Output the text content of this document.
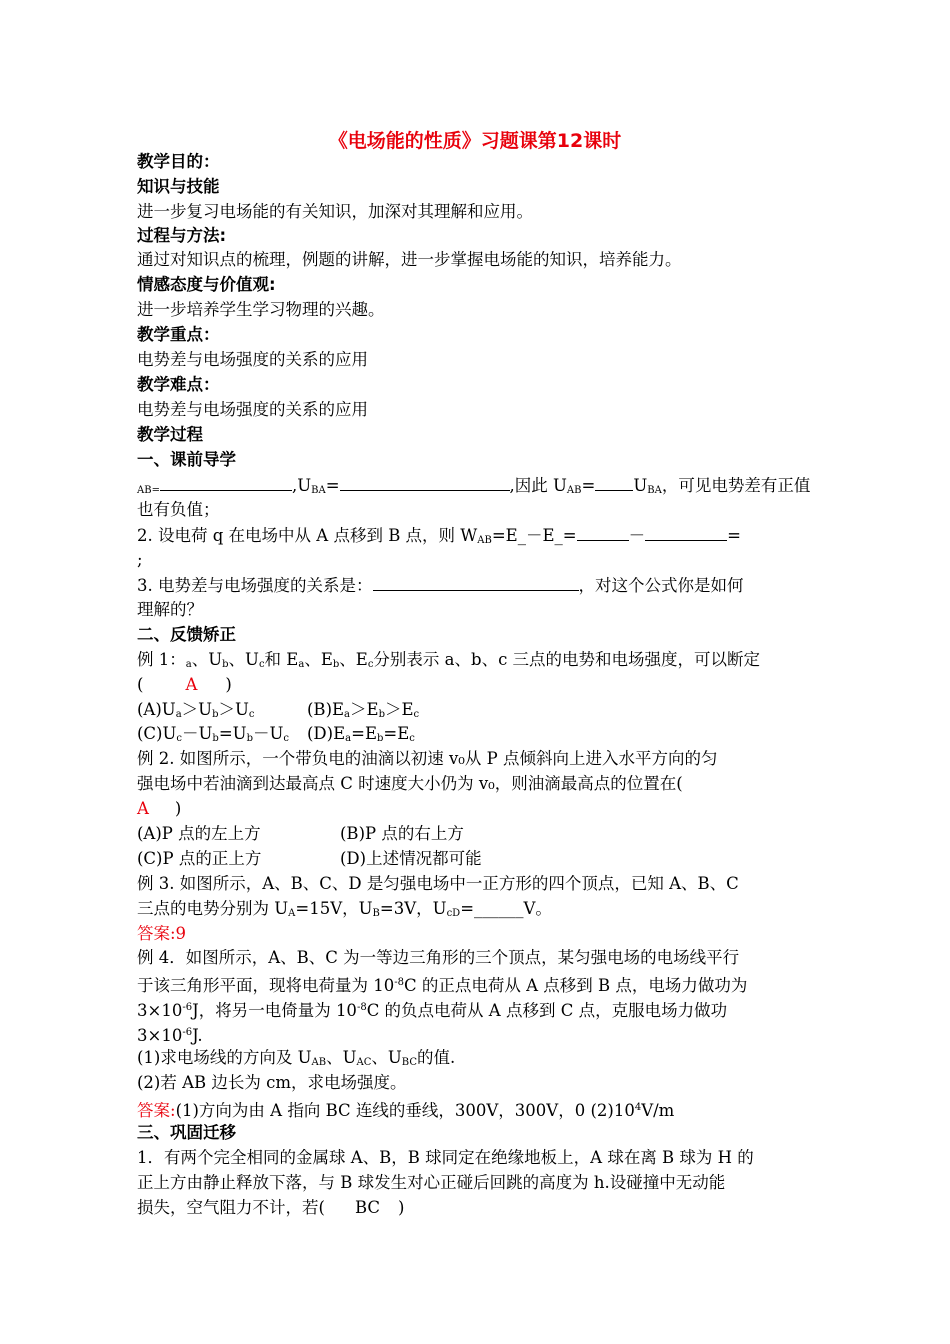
《电场能的性质》习题课第12课时
教学目的：
知识与技能
进一步复习电场能的有关知识，加深对其理解和应用。
过程与方法:
通过对知识点的梳理，例题的讲解，进一步掌握电场能的知识，培养能力。
情感态度与价值观:
进一步培养学生学习物理的兴趣。
教学重点：
电势差与电场强度的关系的应用
教学难点：
电势差与电场强度的关系的应用
教学过程
一、课前导学
$_{AB=}$	$,U_{BA}=$	,因此 $U_{AB}= U_{BA}$，可见电势差有正值
也有负值；
2. 设电荷 q 在电场中从 A 点移到 B 点，则 $W_{AB}=E\_-E\_=$	－	=
;
3. 电势差与电场强度的关系是：	，对这个公式你是如何
理解的？
二、反馈矫正
例 1：$_a$、$U_b$、$U_c$和 $E_a$、$E_b$、$E_c$分别表示 a、b、c 三点的电势和电场强度，可以断定
(	A )
$(A)U_a>U_b>U_c$	$(B)E_a>E_b>E_c$
$(C)U_c-U_b=U_b-U_c$ $(D)E_a=E_b=E_c$
例 2. 如图所示，一个带负电的油滴以初速 v₀从 P 点倾斜向上进入水平方向的匀
强电场中若油滴到达最高点 C 时速度大小仍为 v₀，则油滴最高点的位置在(
A )
(A)P 点的左上方	(B)P 点的右上方
(C)P 点的正上方	(D)上述情况都可能
例 3. 如图所示，A、B、C、D 是匀强电场中一正方形的四个顶点，已知 A、B、C
三点的电势分别为 $U_A=15V$，$U_B=3V$，$U_{cD}=\_\_\_\_\_\_V$。
答案:9
例 4．如图所示，A、B、C 为一等边三角形的三个顶点，某匀强电场的电场线平行
于该三角形平面，现将电荷量为 $10^{-8}C$ 的正点电荷从 A 点移到 B 点，电场力做功为
$3\times 10^{-6}J$，将另一电倚量为 $10^{-8}C$ 的负点电荷从 A 点移到 C 点，克服电场力做功
$3\times 10^{-6}J$.
(1)求电场线的方向及 $U_{AB}$、$U_{AC}$、$U_{BC}$的值.
(2)若 AB 边长为 cm，求电场强度。
答案:(1)方向为由 A 指向 BC 连线的垂线，300V，300V，0 $(2)10^4V/m$
三、巩固迁移
1．有两个完全相同的金属球 A、B，B 球同定在绝缘地板上，A 球在离 B 球为 H 的
正上方由静止释放下落，与 B 球发生对心正碰后回跳的高度为 h.设碰撞中无动能
损失，空气阻力不计，若( BC )
